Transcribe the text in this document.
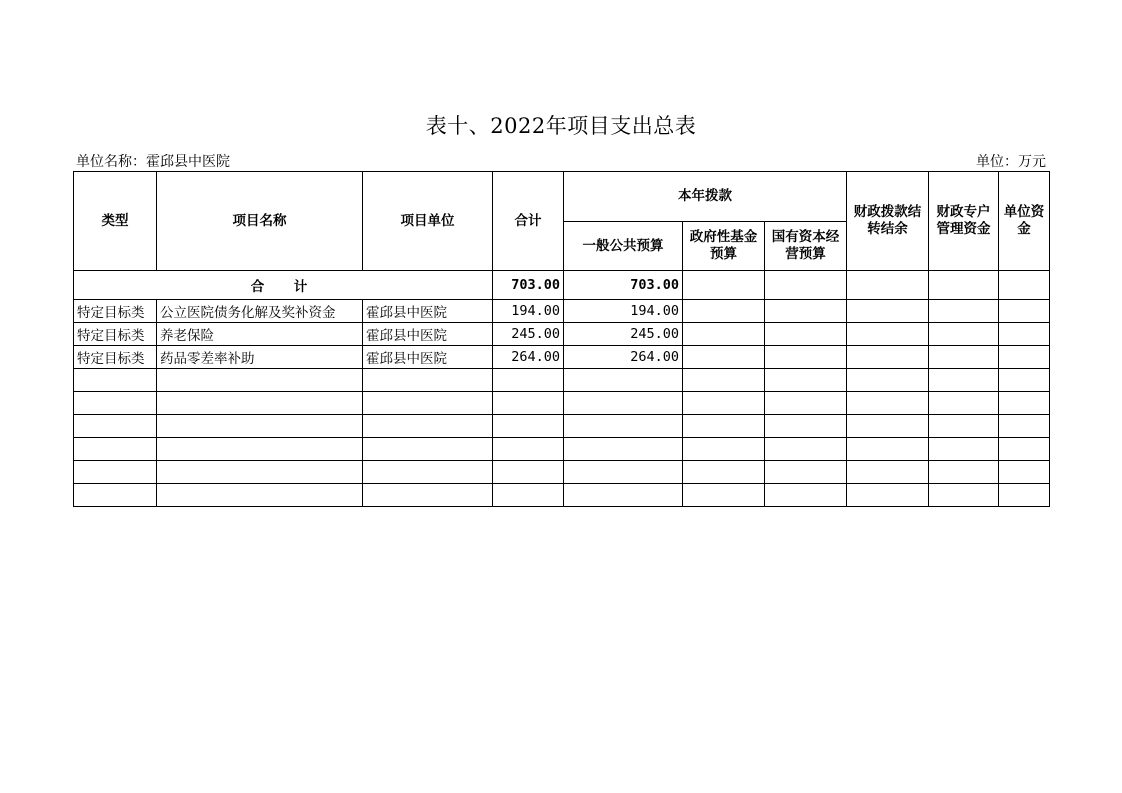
表十、2022年项目支出总表
单位名称：霍邱县中医院	单位：万元
类型	项目名称	项目单位	合计	本年拨款			财政拨款结转结余	财政专户管理资金	单位资金
				一般公共预算	政府性基金预算	国有资本经营预算			
合　计			703.00	703.00					
特定目标类	公立医院债务化解及奖补资金	霍邱县中医院	194.00	194.00					
特定目标类	养老保险	霍邱县中医院	245.00	245.00					
特定目标类	药品零差率补助	霍邱县中医院	264.00	264.00					
